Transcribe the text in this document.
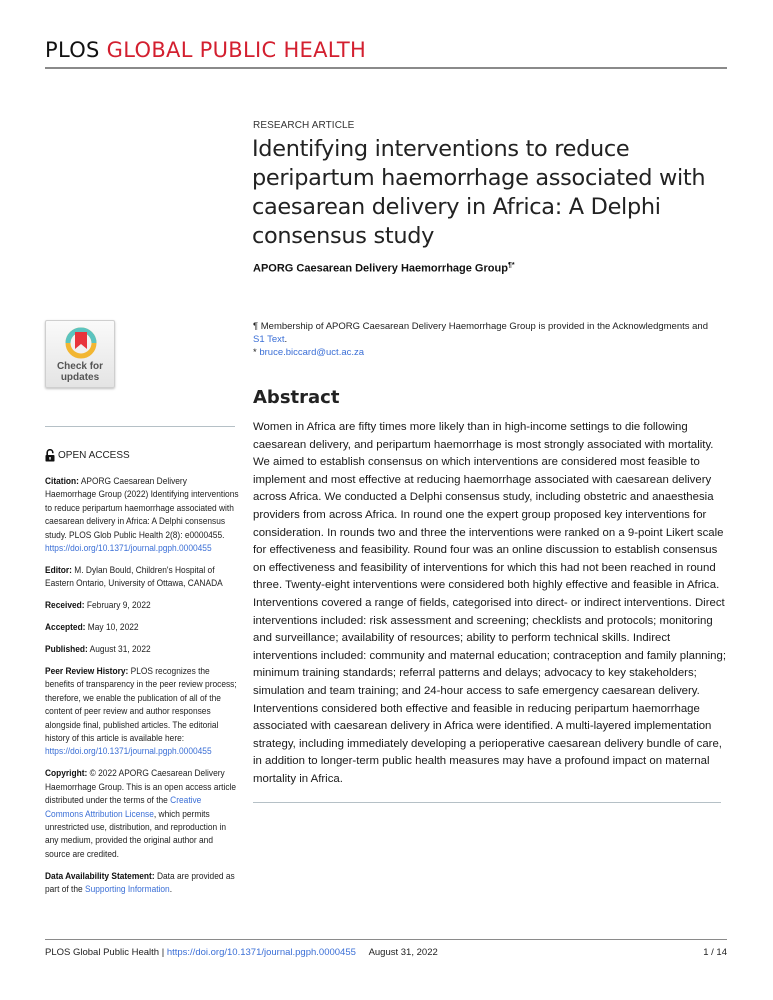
PLOS GLOBAL PUBLIC HEALTH
RESEARCH ARTICLE
Identifying interventions to reduce peripartum haemorrhage associated with caesarean delivery in Africa: A Delphi consensus study
APORG Caesarean Delivery Haemorrhage Group¶*
¶ Membership of APORG Caesarean Delivery Haemorrhage Group is provided in the Acknowledgments and
S1 Text.
* bruce.biccard@uct.ac.za
Check for
updates
OPEN ACCESS

Citation: APORG Caesarean Delivery Haemorrhage Group (2022) Identifying interventions to reduce peripartum haemorrhage associated with caesarean delivery in Africa: A Delphi consensus study. PLOS Glob Public Health 2(8): e0000455.
https://doi.org/10.1371/journal.pgph.0000455

Editor: M. Dylan Bould, Children's Hospital of Eastern Ontario, University of Ottawa, CANADA

Received: February 9, 2022

Accepted: May 10, 2022

Published: August 31, 2022

Peer Review History: PLOS recognizes the benefits of transparency in the peer review process; therefore, we enable the publication of all of the content of peer review and author responses alongside final, published articles. The editorial history of this article is available here:
https://doi.org/10.1371/journal.pgph.0000455

Copyright: © 2022 APORG Caesarean Delivery Haemorrhage Group. This is an open access article distributed under the terms of the Creative Commons Attribution License, which permits unrestricted use, distribution, and reproduction in any medium, provided the original author and source are credited.

Data Availability Statement: Data are provided as part of the Supporting Information.

Abstract

Women in Africa are fifty times more likely than in high-income settings to die following caesarean delivery, and peripartum haemorrhage is most strongly associated with mortality. We aimed to establish consensus on which interventions are considered most feasible to implement and most effective at reducing haemorrhage associated with caesarean delivery across Africa. We conducted a Delphi consensus study, including obstetric and anaesthesia providers from across Africa. In round one the expert group proposed key interventions for consideration. In rounds two and three the interventions were ranked on a 9-point Likert scale for effectiveness and feasibility. Round four was an online discussion to establish consensus on effectiveness and feasibility of interventions for which this had not been reached in round three. Twenty-eight interventions were considered both highly effective and feasible in Africa. Interventions covered a range of fields, categorised into direct- or indirect interventions. Direct interventions included: risk assessment and screening; checklists and protocols; monitoring and surveillance; availability of resources; ability to perform technical skills. Indirect interventions included: community and maternal education; contraception and family planning; minimum training standards; referral patterns and delays; advocacy to key stakeholders; simulation and team training; and 24-hour access to safe emergency caesarean delivery. Interventions considered both effective and feasible in reducing peripartum haemorrhage associated with caesarean delivery in Africa were identified. A multi-layered implementation strategy, including immediately developing a perioperative caesarean delivery bundle of care, in addition to longer-term public health measures may have a profound impact on maternal mortality in Africa.

PLOS Global Public Health | https://doi.org/10.1371/journal.pgph.0000455 August 31, 2022	1 / 14
